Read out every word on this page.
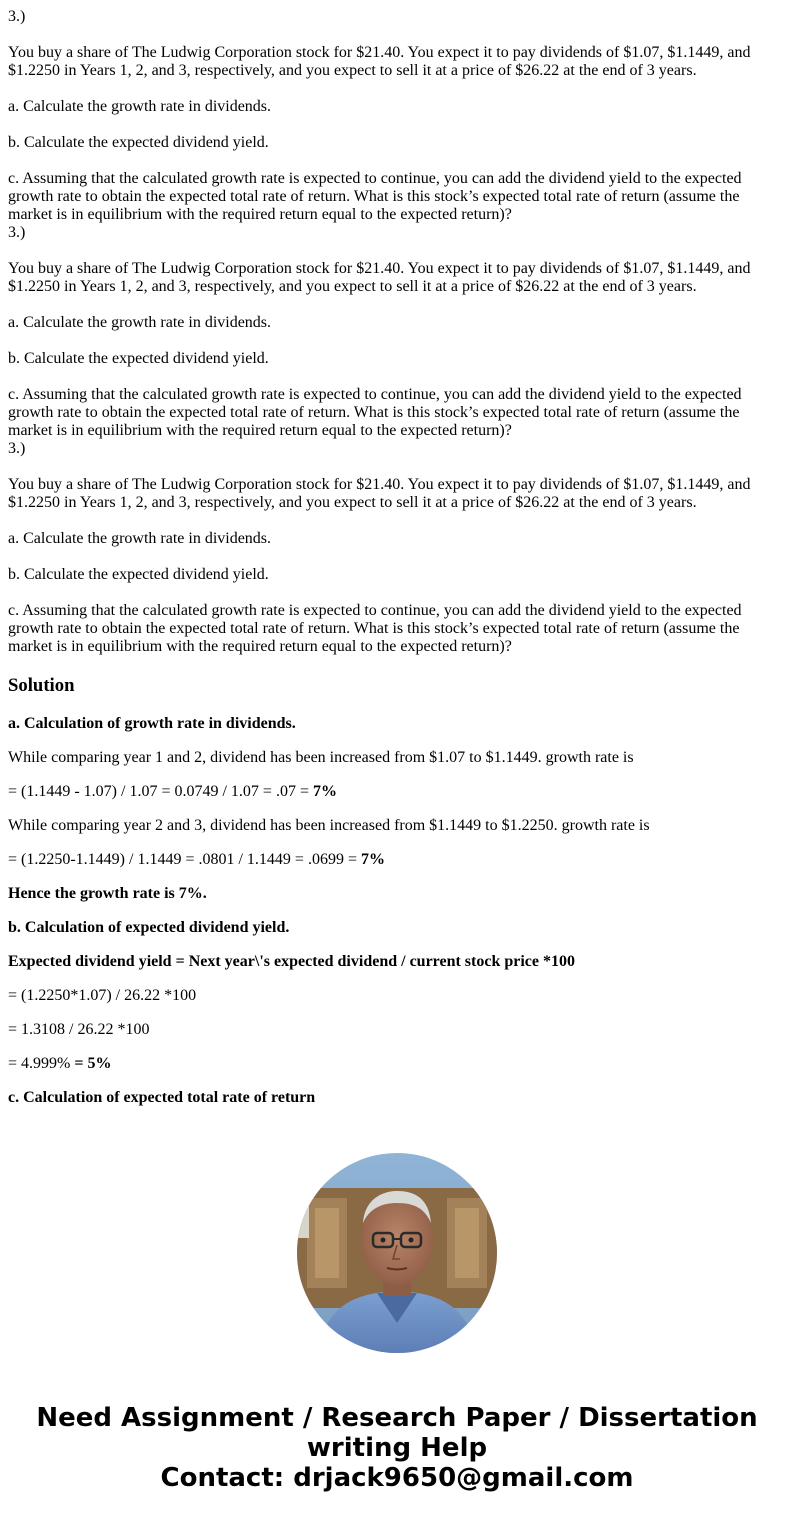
3.)
You buy a share of The Ludwig Corporation stock for $21.40. You expect it to pay dividends of $1.07, $1.1449, and $1.2250 in Years 1, 2, and 3, respectively, and you expect to sell it at a price of $26.22 at the end of 3 years.
a. Calculate the growth rate in dividends.
b. Calculate the expected dividend yield.
c. Assuming that the calculated growth rate is expected to continue, you can add the dividend yield to the expected growth rate to obtain the expected total rate of return. What is this stock’s expected total rate of return (assume the market is in equilibrium with the required return equal to the expected return)?
3.)
You buy a share of The Ludwig Corporation stock for $21.40. You expect it to pay dividends of $1.07, $1.1449, and $1.2250 in Years 1, 2, and 3, respectively, and you expect to sell it at a price of $26.22 at the end of 3 years.
a. Calculate the growth rate in dividends.
b. Calculate the expected dividend yield.
c. Assuming that the calculated growth rate is expected to continue, you can add the dividend yield to the expected growth rate to obtain the expected total rate of return. What is this stock’s expected total rate of return (assume the market is in equilibrium with the required return equal to the expected return)?
3.)
You buy a share of The Ludwig Corporation stock for $21.40. You expect it to pay dividends of $1.07, $1.1449, and $1.2250 in Years 1, 2, and 3, respectively, and you expect to sell it at a price of $26.22 at the end of 3 years.
a. Calculate the growth rate in dividends.
b. Calculate the expected dividend yield.
c. Assuming that the calculated growth rate is expected to continue, you can add the dividend yield to the expected growth rate to obtain the expected total rate of return. What is this stock’s expected total rate of return (assume the market is in equilibrium with the required return equal to the expected return)?
Solution

a. Calculation of growth rate in dividends.

While comparing year 1 and 2, dividend has been increased from $1.07 to $1.1449. growth rate is

= (1.1449 - 1.07) / 1.07 = 0.0749 / 1.07 = .07 = 7%

While comparing year 2 and 3, dividend has been increased from $1.1449 to $1.2250. growth rate is

= (1.2250-1.1449) / 1.1449 = .0801 / 1.1449 = .0699 = 7%

Hence the growth rate is 7%.

b. Calculation of expected dividend yield.

Expected dividend yield = Next year\'s expected dividend / current stock price *100

= (1.2250*1.07) / 26.22 *100

= 1.3108 / 26.22 *100

= 4.999% = 5%

c. Calculation of expected total rate of return

Need Assignment / Research Paper / Dissertation
writing Help
Contact: drjack9650@gmail.com
